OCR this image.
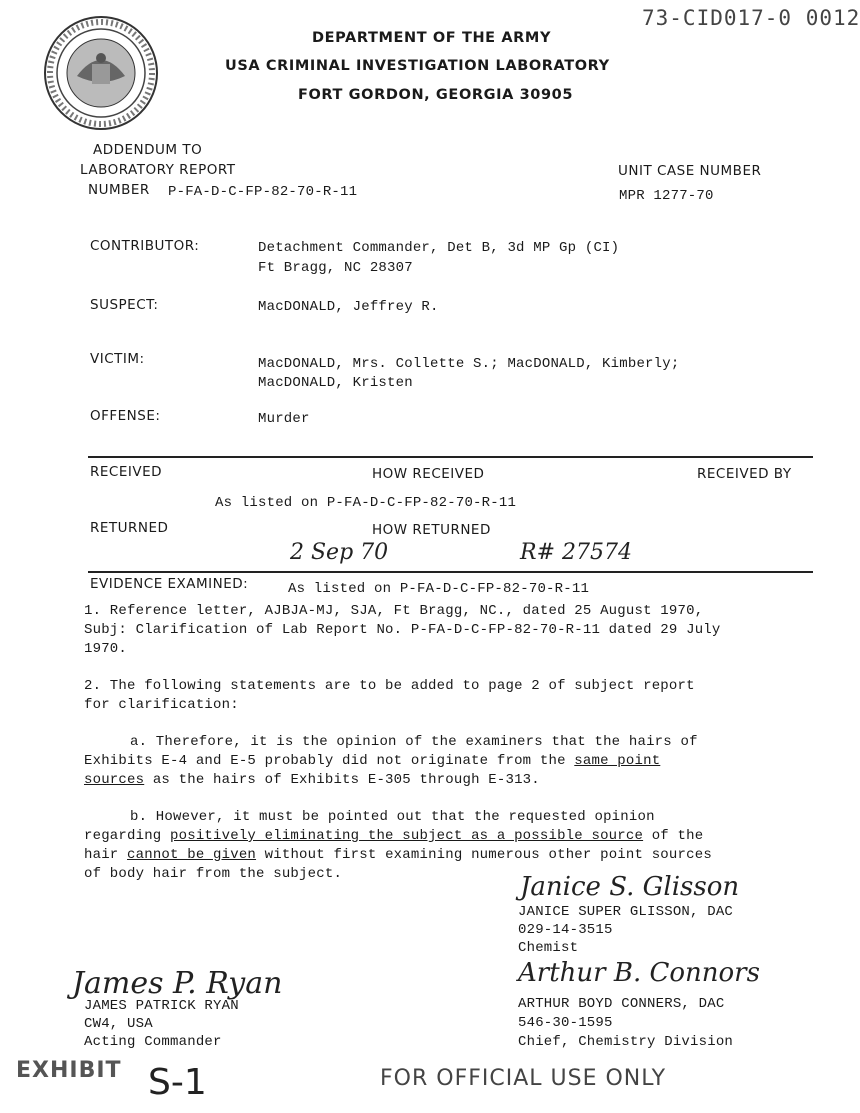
73-CID017-0 0012
DEPARTMENT OF THE ARMY
USA CRIMINAL INVESTIGATION LABORATORY
FORT GORDON, GEORGIA 30905
ADDENDUM TO
LABORATORY REPORT
NUMBER P-FA-D-C-FP-82-70-R-11
UNIT CASE NUMBER
MPR 1277-70
CONTRIBUTOR:	Detachment Commander, Det B, 3d MP Gp (CI)
Ft Bragg, NC 28307
SUSPECT:	MacDONALD, Jeffrey R.
VICTIM:	MacDONALD, Mrs. Collette S.; MacDONALD, Kimberly;
MacDONALD, Kristen
OFFENSE:	Murder
RECEIVED	HOW RECEIVED	RECEIVED BY
As listed on P-FA-D-C-FP-82-70-R-11
RETURNED	HOW RETURNED
2 Sep 70	R# 27574
EVIDENCE EXAMINED:	As listed on P-FA-D-C-FP-82-70-R-11
1. Reference letter, AJBJA-MJ, SJA, Ft Bragg, NC., dated 25 August 1970,
Subj: Clarification of Lab Report No. P-FA-D-C-FP-82-70-R-11 dated 29 July
1970.
2. The following statements are to be added to page 2 of subject report
for clarification:
a. Therefore, it is the opinion of the examiners that the hairs of
Exhibits E-4 and E-5 probably did not originate from the same point
sources as the hairs of Exhibits E-305 through E-313.
b. However, it must be pointed out that the requested opinion
regarding positively eliminating the subject as a possible source of the
hair cannot be given without first examining numerous other point sources
of body hair from the subject.	Janice S. Glisson
JANICE SUPER GLISSON, DAC
029-14-3515
Chemist
Arthur B. Connors
ARTHUR BOYD CONNERS, DAC
546-30-1595
Chief, Chemistry Division
James P. Ryan
JAMES PATRICK RYAN
CW4, USA
Acting Commander
EXHIBIT S-1	FOR OFFICIAL USE ONLY
